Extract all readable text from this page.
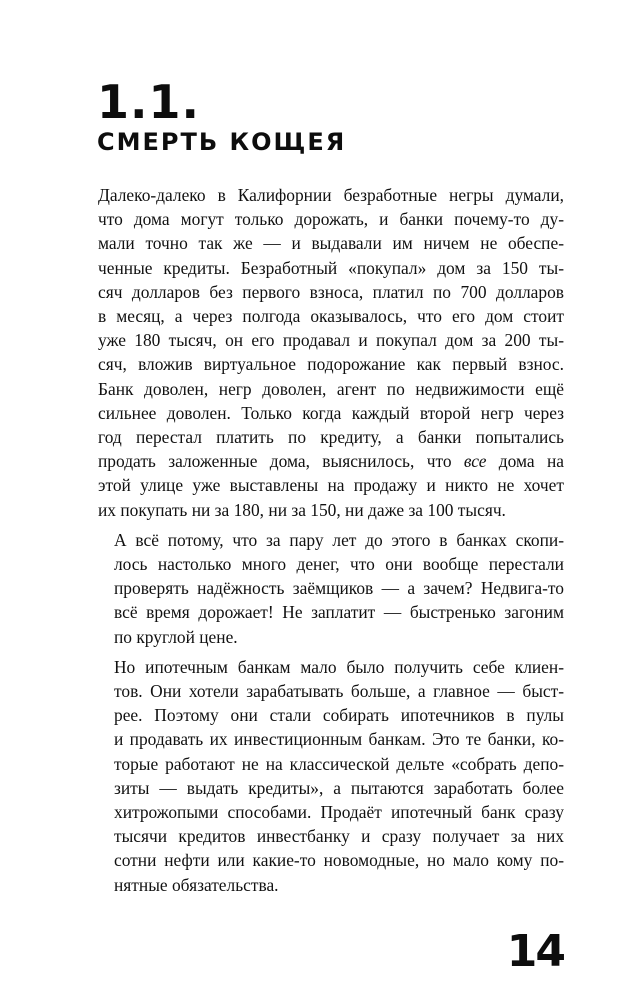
1.1.
СМЕРТЬ КОЩЕЯ

Далеко-далеко в Калифорнии безработные негры думали,
что дома могут только дорожать, и банки почему-то ду-
мали точно так же — и выдавали им ничем не обеспе-
ченные кредиты. Безработный «покупал» дом за 150 ты-
сяч долларов без первого взноса, платил по 700 долларов
в месяц, а через полгода оказывалось, что его дом стоит
уже 180 тысяч, он его продавал и покупал дом за 200 ты-
сяч, вложив виртуальное подорожание как первый взнос.
Банк доволен, негр доволен, агент по недвижимости ещё
сильнее доволен. Только когда каждый второй негр через
год перестал платить по кредиту, а банки попытались
продать заложенные дома, выяснилось, что все дома на
этой улице уже выставлены на продажу и никто не хочет
их покупать ни за 180, ни за 150, ни даже за 100 тысяч.

А всё потому, что за пару лет до этого в банках скопи-
лось настолько много денег, что они вообще перестали
проверять надёжность заёмщиков — а зачем? Недвига-то
всё время дорожает! Не заплатит — быстренько загоним
по круглой цене.

Но ипотечным банкам мало было получить себе клиен-
тов. Они хотели зарабатывать больше, а главное — быст-
рее. Поэтому они стали собирать ипотечников в пулы
и продавать их инвестиционным банкам. Это те банки, ко-
торые работают не на классической дельте «собрать депо-
зиты — выдать кредиты», а пытаются заработать более
хитрожопыми способами. Продаёт ипотечный банк сразу
тысячи кредитов инвестбанку и сразу получает за них
сотни нефти или какие-то новомодные, но мало кому по-
нятные обязательства.

14
